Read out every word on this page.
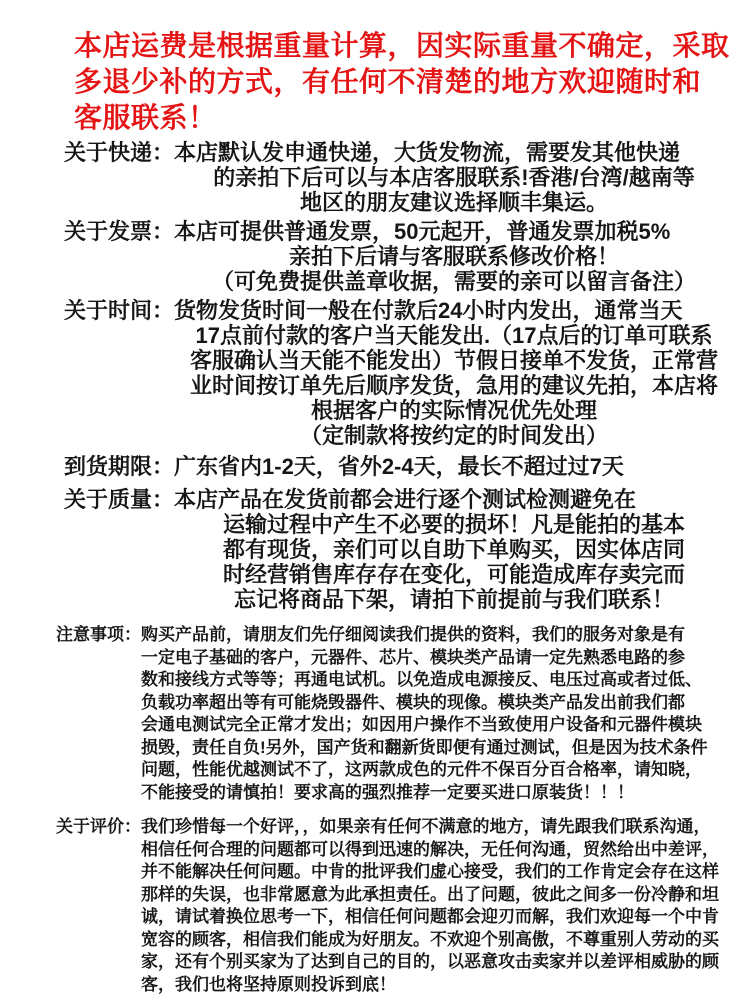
本店运费是根据重量计算，因实际重量不确定，采取
多退少补的方式，有任何不清楚的地方欢迎随时和
客服联系！
关于快递： 本店默认发申通快递，大货发物流，需要发其他快递
的亲拍下后可以与本店客服联系!香港/台湾/越南等
地区的朋友建议选择顺丰集运。
关于发票： 本店可提供普通发票，50元起开，普通发票加税5%
亲拍下后请与客服联系修改价格！
（可免费提供盖章收据，需要的亲可以留言备注）
关于时间： 货物发货时间一般在付款后24小时内发出，通常当天
17点前付款的客户当天能发出.（17点后的订单可联系
客服确认当天能不能发出）节假日接单不发货，正常营
业时间按订单先后顺序发货，急用的建议先拍，本店将
根据客户的实际情况优先处理
（定制款将按约定的时间发出）
到货期限： 广东省内1-2天，省外2-4天，最长不超过过7天
关于质量： 本店产品在发货前都会进行逐个测试检测避免在
运输过程中产生不必要的损坏！凡是能拍的基本
都有现货，亲们可以自助下单购买，因实体店同
时经营销售库存存在变化，可能造成库存卖完而
忘记将商品下架，请拍下前提前与我们联系！
注意事项： 购买产品前，请朋友们先仔细阅读我们提供的资料，我们的服务对象是有
一定电子基础的客户，元器件、芯片、模块类产品请一定先熟悉电路的参
数和接线方式等等；再通电试机。以免造成电源接反、电压过高或者过低、
负载功率超出等有可能烧毁器件、模块的现像。模块类产品发出前我们都
会通电测试完全正常才发出；如因用户操作不当致使用户设备和元器件模块
损毁，责任自负!另外，国产货和翻新货即便有通过测试，但是因为技术条件
问题，性能优越测试不了，这两款成色的元件不保百分百合格率，请知晓，
不能接受的请慎拍！要求高的强烈推荐一定要买进口原装货！！！
关于评价： 我们珍惜每一个好评，，如果亲有任何不满意的地方，请先跟我们联系沟通，
相信任何合理的问题都可以得到迅速的解决，无任何沟通，贸然给出中差评，
并不能解决任何问题。中肯的批评我们虚心接受，我们的工作肯定会存在这样
那样的失误，也非常愿意为此承担责任。出了问题，彼此之间多一份冷静和坦
诚，请试着换位思考一下，相信任何问题都会迎刃而解，我们欢迎每一个中肯
宽容的顾客，相信我们能成为好朋友。不欢迎个别高傲，不尊重别人劳动的买
家，还有个别买家为了达到自己的目的，以恶意攻击卖家并以差评相威胁的顾
客，我们也将坚持原则投诉到底！
